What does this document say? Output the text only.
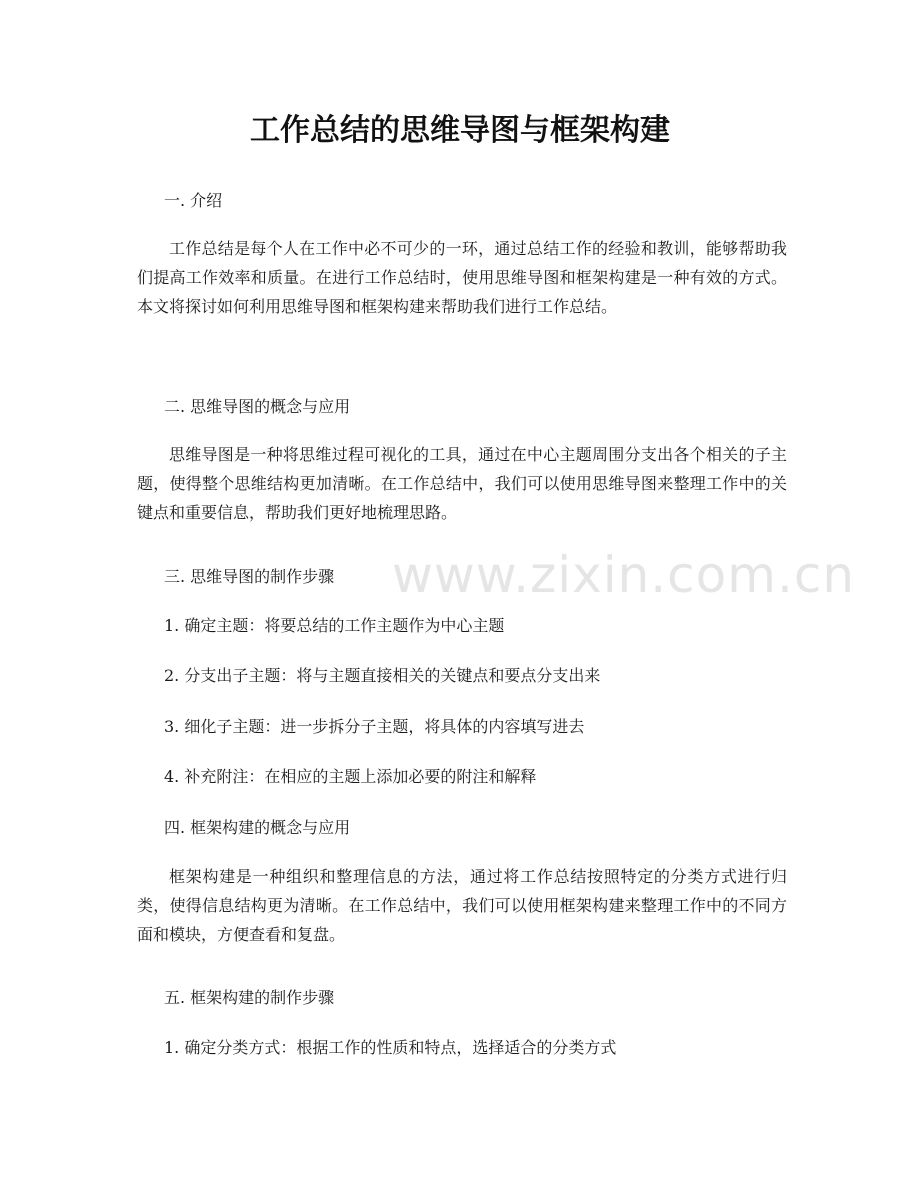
工作总结的思维导图与框架构建

一. 介绍

工作总结是每个人在工作中必不可少的一环，通过总结工作的经验和教训，能够帮助我们提高工作效率和质量。在进行工作总结时，使用思维导图和框架构建是一种有效的方式。本文将探讨如何利用思维导图和框架构建来帮助我们进行工作总结。

二. 思维导图的概念与应用

思维导图是一种将思维过程可视化的工具，通过在中心主题周围分支出各个相关的子主题，使得整个思维结构更加清晰。在工作总结中，我们可以使用思维导图来整理工作中的关键点和重要信息，帮助我们更好地梳理思路。

三. 思维导图的制作步骤

1. 确定主题：将要总结的工作主题作为中心主题

2. 分支出子主题：将与主题直接相关的关键点和要点分支出来

3. 细化子主题：进一步拆分子主题，将具体的内容填写进去

4. 补充附注：在相应的主题上添加必要的附注和解释

四. 框架构建的概念与应用

框架构建是一种组织和整理信息的方法，通过将工作总结按照特定的分类方式进行归类，使得信息结构更为清晰。在工作总结中，我们可以使用框架构建来整理工作中的不同方面和模块，方便查看和复盘。

五. 框架构建的制作步骤

1. 确定分类方式：根据工作的性质和特点，选择适合的分类方式

www.zixin.com.cn
